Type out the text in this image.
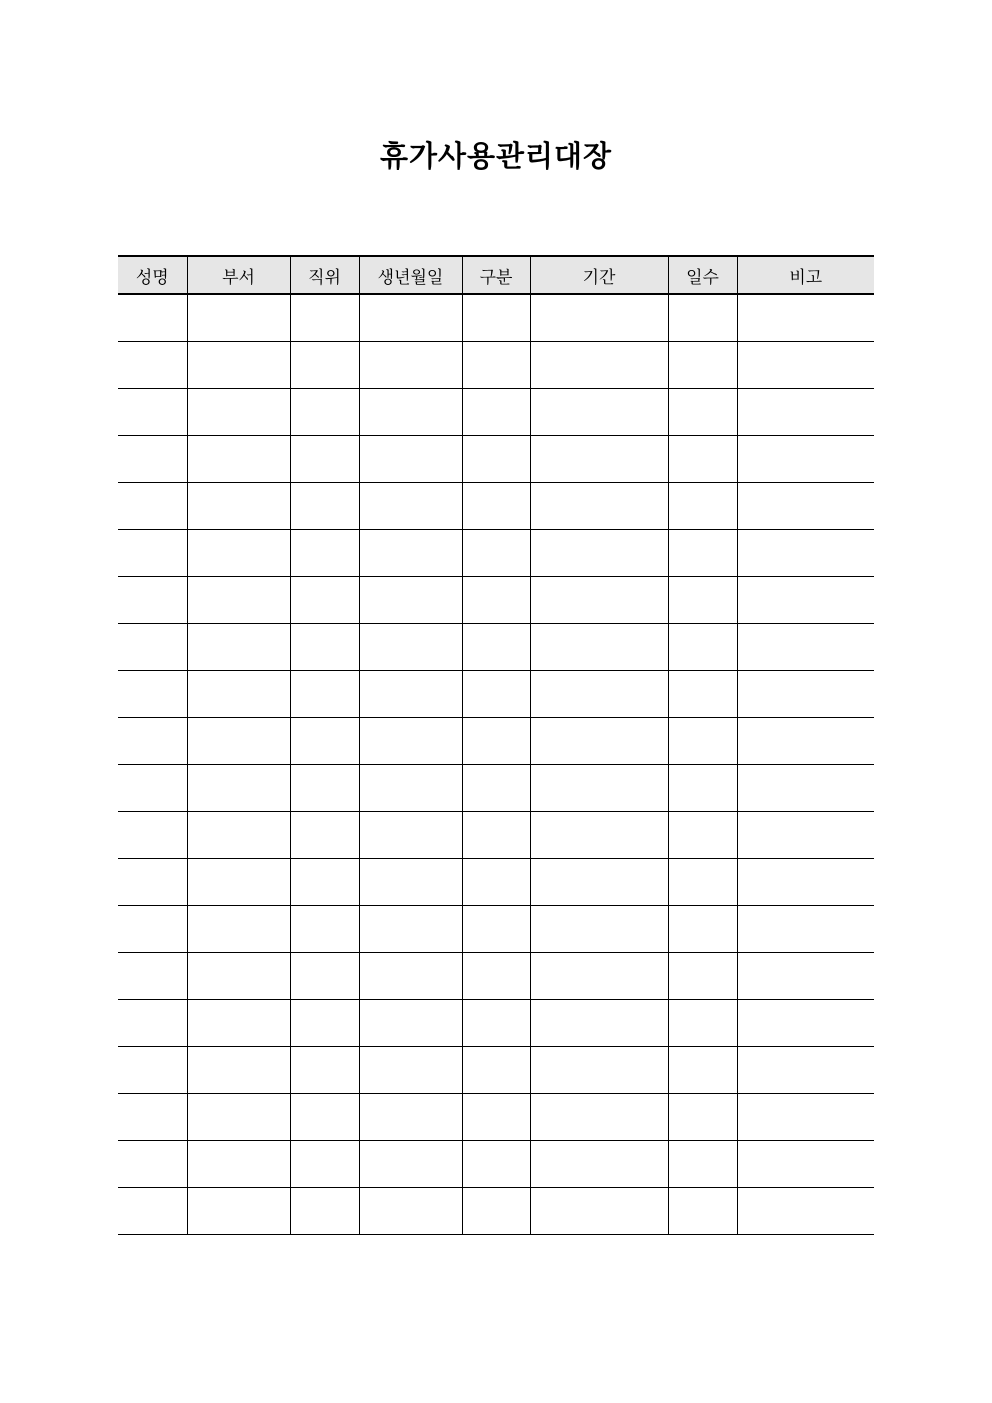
휴가사용관리대장
성명	부서	직위	생년월일	구분	기간	일수	비고
